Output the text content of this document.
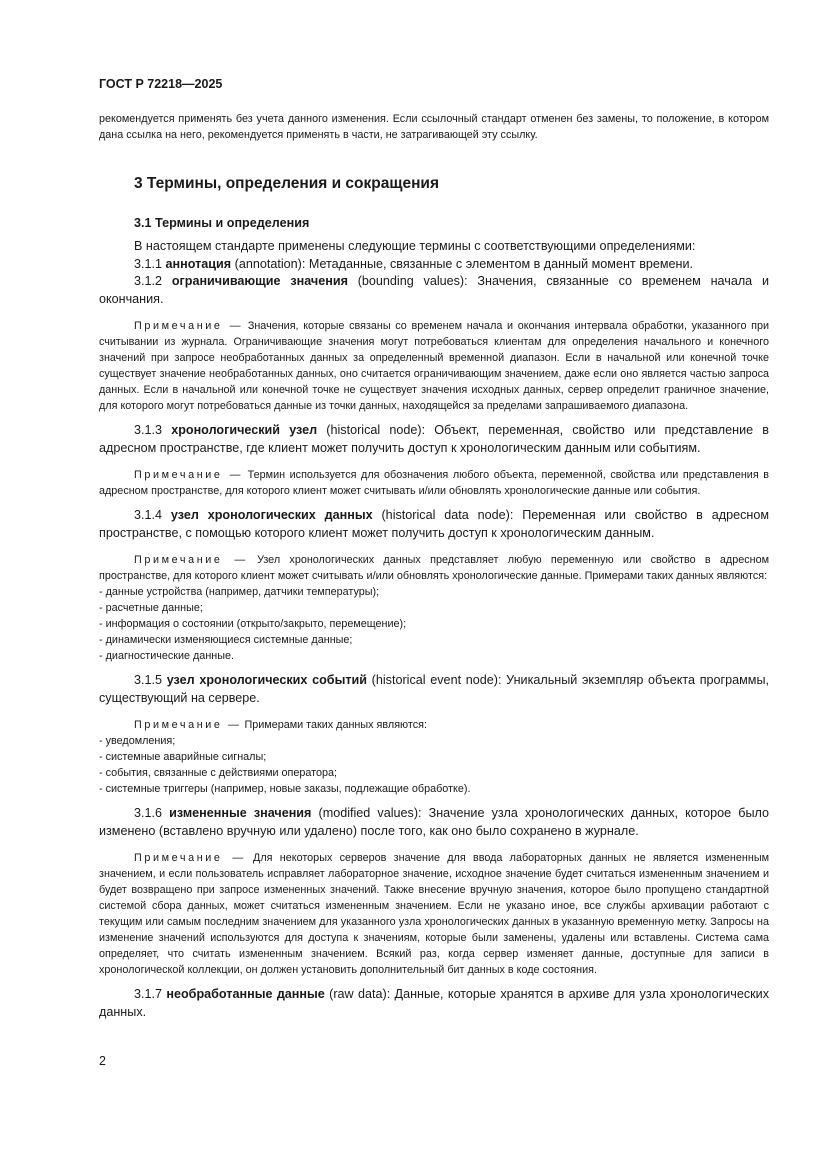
ГОСТ Р 72218—2025

рекомендуется применять без учета данного изменения. Если ссылочный стандарт отменен без замены, то положение, в котором дана ссылка на него, рекомендуется применять в части, не затрагивающей эту ссылку.

3 Термины, определения и сокращения
3.1 Термины и определения

В настоящем стандарте применены следующие термины с соответствующими определениями:

3.1.1 аннотация (annotation): Метаданные, связанные с элементом в данный момент времени.

3.1.2 ограничивающие значения (bounding values): Значения, связанные со временем начала и окончания.

Примечание — Значения, которые связаны со временем начала и окончания интервала обработки, указанного при считывании из журнала. Ограничивающие значения могут потребоваться клиентам для определения начального и конечного значений при запросе необработанных данных за определенный временной диапазон. Если в начальной или конечной точке существует значение необработанных данных, оно считается ограничивающим значением, даже если оно является частью запроса данных. Если в начальной или конечной точке не существует значения исходных данных, сервер определит граничное значение, для которого могут потребоваться данные из точки данных, находящейся за пределами запрашиваемого диапазона.

3.1.3 хронологический узел (historical node): Объект, переменная, свойство или представление в адресном пространстве, где клиент может получить доступ к хронологическим данным или событиям.

Примечание — Термин используется для обозначения любого объекта, переменной, свойства или представления в адресном пространстве, для которого клиент может считывать и/или обновлять хронологические данные или события.

3.1.4 узел хронологических данных (historical data node): Переменная или свойство в адресном пространстве, с помощью которого клиент может получить доступ к хронологическим данным.

Примечание — Узел хронологических данных представляет любую переменную или свойство в адресном пространстве, для которого клиент может считывать и/или обновлять хронологические данные. Примерами таких данных являются:

- данные устройства (например, датчики температуры);
- расчетные данные;
- информация о состоянии (открыто/закрыто, перемещение);
- динамически изменяющиеся системные данные;
- диагностические данные.

3.1.5 узел хронологических событий (historical event node): Уникальный экземпляр объекта программы, существующий на сервере.

Примечание — Примерами таких данных являются:

- уведомления;
- системные аварийные сигналы;
- события, связанные с действиями оператора;
- системные триггеры (например, новые заказы, подлежащие обработке).

3.1.6 измененные значения (modified values): Значение узла хронологических данных, которое было изменено (вставлено вручную или удалено) после того, как оно было сохранено в журнале.

Примечание — Для некоторых серверов значение для ввода лабораторных данных не является измененным значением, и если пользователь исправляет лабораторное значение, исходное значение будет считаться измененным значением и будет возвращено при запросе измененных значений. Также внесение вручную значения, которое было пропущено стандартной системой сбора данных, может считаться измененным значением. Если не указано иное, все службы архивации работают с текущим или самым последним значением для указанного узла хронологических данных в указанную временную метку. Запросы на изменение значений используются для доступа к значениям, которые были заменены, удалены или вставлены. Система сама определяет, что считать измененным значением. Всякий раз, когда сервер изменяет данные, доступные для записи в хронологической коллекции, он должен установить дополнительный бит данных в коде состояния.

3.1.7 необработанные данные (raw data): Данные, которые хранятся в архиве для узла хронологических данных.

2
